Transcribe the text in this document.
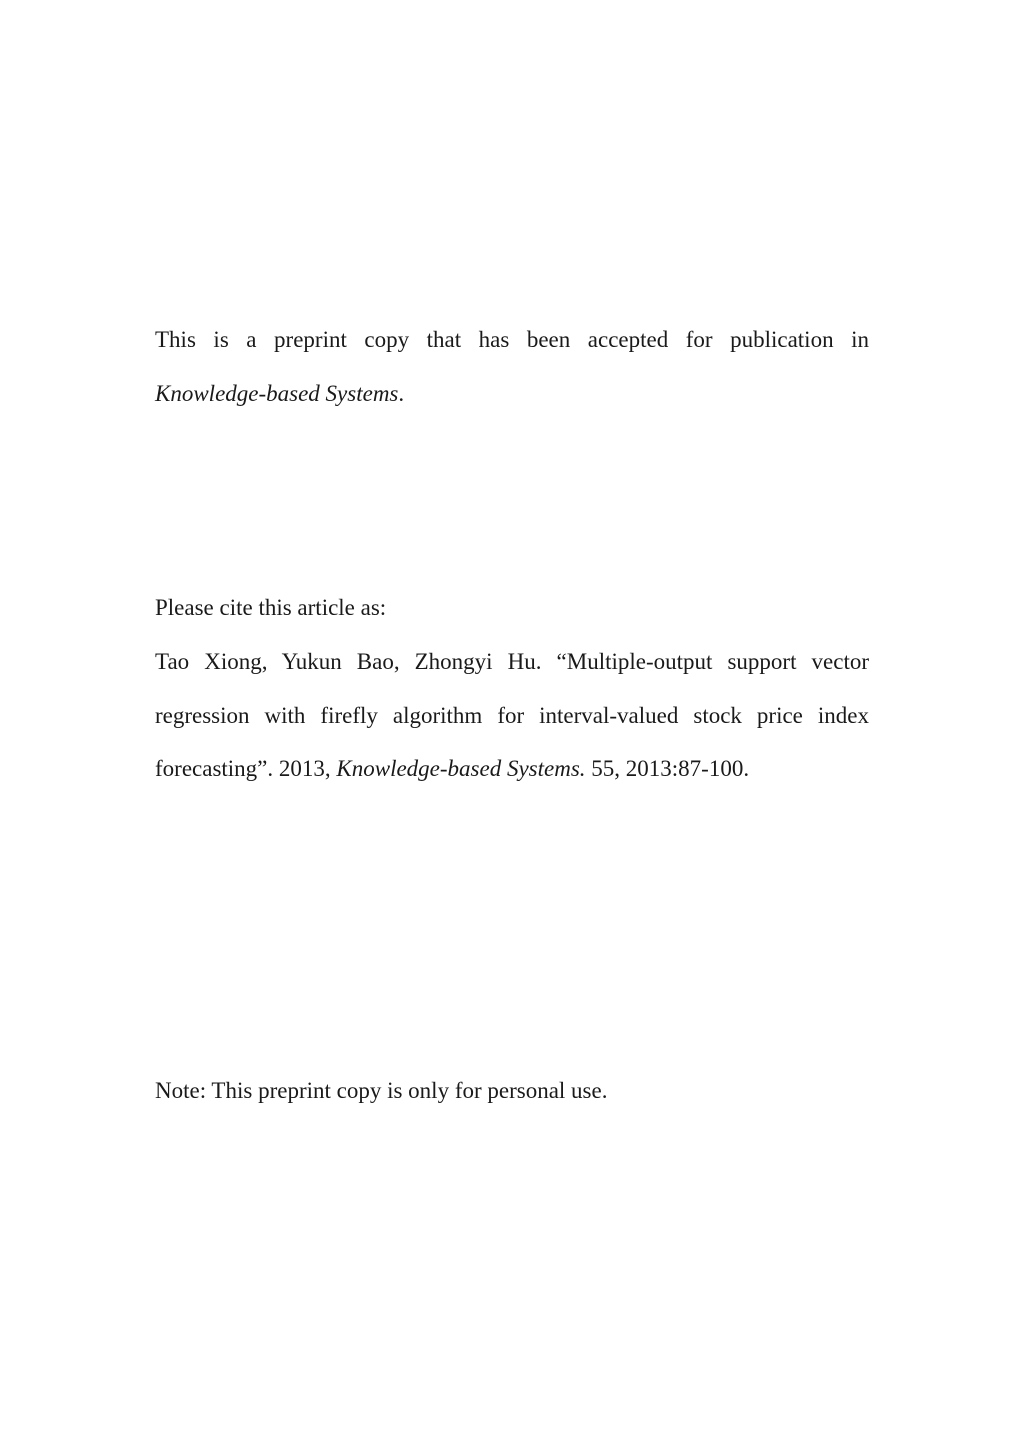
This is a preprint copy that has been accepted for publication in
Knowledge-based Systems.
Please cite this article as:
Tao Xiong, Yukun Bao, Zhongyi Hu. “Multiple-output support vector
regression with firefly algorithm for interval-valued stock price index
forecasting”. 2013, Knowledge-based Systems. 55, 2013:87-100.
Note: This preprint copy is only for personal use.
